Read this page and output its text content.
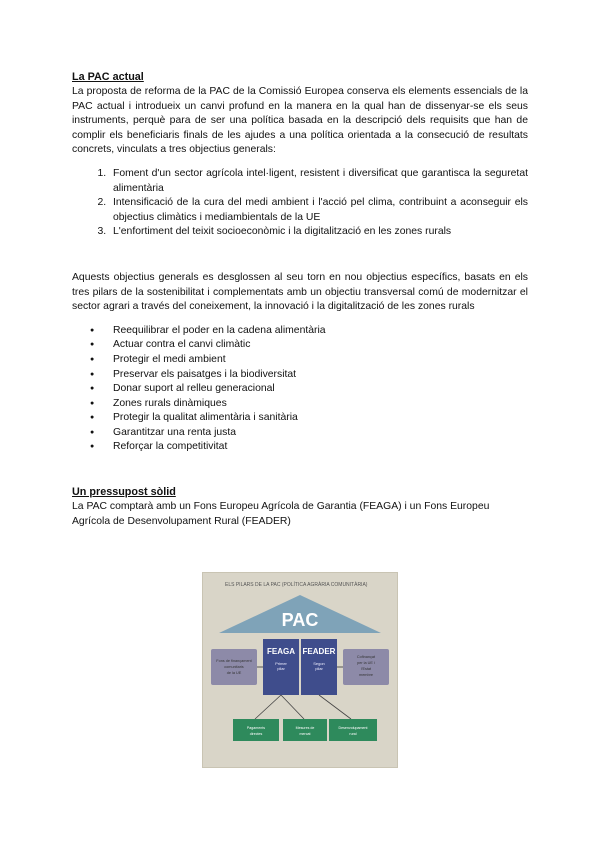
La PAC actual

La proposta de reforma de la PAC de la Comissió Europea conserva els elements essencials de la PAC actual i introdueix un canvi profund en la manera en la qual han de dissenyar-se els seus instruments, perquè para de ser una política basada en la descripció dels requisits que han de complir els beneficiaris finals de les ajudes a una política orientada a la consecució de resultats concrets, vinculats a tres objectius generals:

1. Foment d'un sector agrícola intel·ligent, resistent i diversificat que garantisca la seguretat alimentària
2. Intensificació de la cura del medi ambient i l'acció pel clima, contribuint a aconseguir els objectius climàtics i mediambientals de la UE
3. L'enfortiment del teixit socioeconòmic i la digitalització en les zones rurals

Aquests objectius generals es desglossen al seu torn en nou objectius específics, basats en els tres pilars de la sostenibilitat i complementats amb un objectiu transversal comú de modernitzar el sector agrari a través del coneixement, la innovació i la digitalització de les zones rurals

● Reequilibrar el poder en la cadena alimentària
● Actuar contra el canvi climàtic
● Protegir el medi ambient
● Preservar els paisatges i la biodiversitat
● Donar suport al relleu generacional
● Zones rurals dinàmiques
● Protegir la qualitat alimentària i sanitària
● Garantitzar una renta justa
● Reforçar la competitivitat
Un pressupost sòlid

La PAC comptarà amb un Fons Europeu Agrícola de Garantia (FEAGA) i un Fons Europeu Agrícola de Desenvolupament Rural (FEADER)

ELS PILARS DE LA PAC (POLÍTICA AGRÀRIA COMUNITÀRIA)
PAC
Fons de finançament
comunitaris
de la UE
Cofinançat
per la UE i
l'Estat
membre
FEAGA
Primer
pilar
FEADER
Segon
pilar
Pagaments
directes
Mesures de
mercat
Desenvolupament
rural
